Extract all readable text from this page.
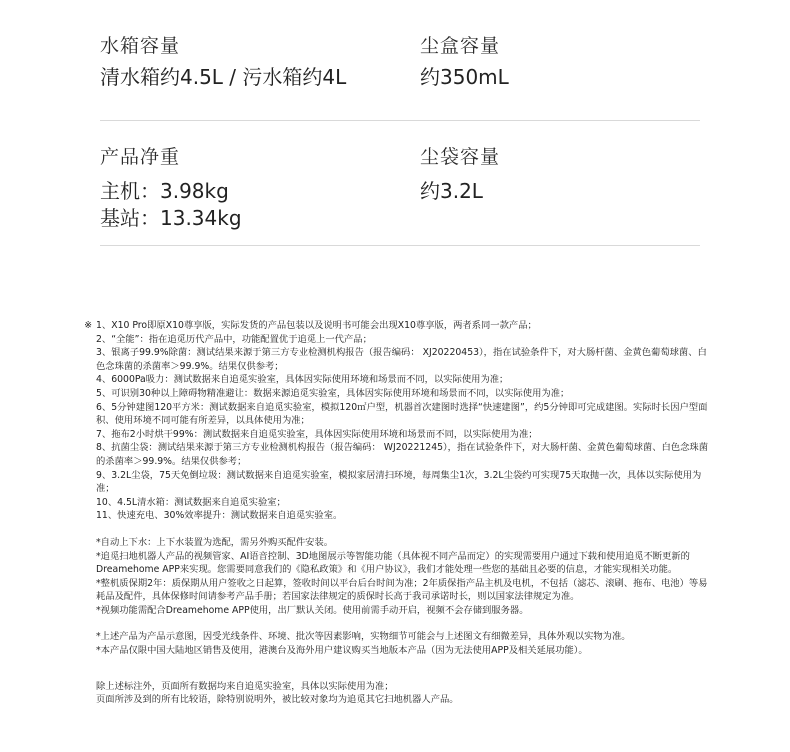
水箱容量
清水箱约4.5L / 污水箱约4L
尘盒容量
约350mL
产品净重
主机：3.98kg
基站：13.34kg
尘袋容量
约3.2L
※ 1、X10 Pro即原X10尊享版，实际发货的产品包装以及说明书可能会出现X10尊享版，两者系同一款产品；
2、“全能”：指在追觅历代产品中，功能配置优于追觅上一代产品；
3、银离子99.9%除菌：测试结果来源于第三方专业检测机构报告（报告编码： XJ20220453），指在试验条件下，对大肠杆菌、金黄色葡萄球菌、白色念珠菌的杀菌率＞99.9%。结果仅供参考；
4、6000Pa吸力：测试数据来自追觅实验室，具体因实际使用环境和场景而不同，以实际使用为准；
5、可识别30种以上障碍物精准避让：数据来源追觅实验室，具体因实际使用环境和场景而不同，以实际使用为准；
6、5分钟建图120平方米：测试数据来自追觅实验室，模拟120㎡户型，机器首次建图时选择“快速建图”，约5分钟即可完成建图。实际时长因户型面积、使用环境不同可能有所差异，以具体使用为准；
7、拖布2小时烘干99%：测试数据来自追觅实验室，具体因实际使用环境和场景而不同，以实际使用为准；
8、抗菌尘袋：测试结果来源于第三方专业检测机构报告（报告编码： WJ20221245），指在试验条件下，对大肠杆菌、金黄色葡萄球菌、白色念珠菌的杀菌率＞99.9%。结果仅供参考；
9、3.2L尘袋，75天免倒垃圾：测试数据来自追觅实验室，模拟家居清扫环境，每周集尘1次，3.2L尘袋约可实现75天取抛一次，具体以实际使用为准；
10、4.5L清水箱：测试数据来自追觅实验室；
11、快速充电、30%效率提升：测试数据来自追觅实验室。
*自动上下水：上下水装置为选配，需另外购买配件安装。
*追觅扫地机器人产品的视频管家、AI语音控制、3D地图展示等智能功能（具体视不同产品而定）的实现需要用户通过下载和使用追觅不断更新的Dreamehome APP来实现。您需要同意我们的《隐私政策》和《用户协议》，我们才能处理一些您的基础且必要的信息，才能实现相关功能。
*整机质保期2年：质保期从用户签收之日起算，签收时间以平台后台时间为准；2年质保指产品主机及电机，不包括（滤芯、滚刷、拖布、电池）等易耗品及配件，具体保修时间请参考产品手册；若国家法律规定的质保时长高于我司承诺时长，则以国家法律规定为准。
*视频功能需配合Dreamehome APP使用，出厂默认关闭。使用前需手动开启，视频不会存储到服务器。
*上述产品为产品示意图，因受光线条件、环境、批次等因素影响，实物细节可能会与上述图文有细微差异，具体外观以实物为准。
*本产品仅限中国大陆地区销售及使用，港澳台及海外用户建议购买当地版本产品（因为无法使用APP及相关延展功能）。
除上述标注外，页面所有数据均来自追觅实验室，具体以实际使用为准；
页面所涉及到的所有比较语，除特别说明外，被比较对象均为追觅其它扫地机器人产品。
